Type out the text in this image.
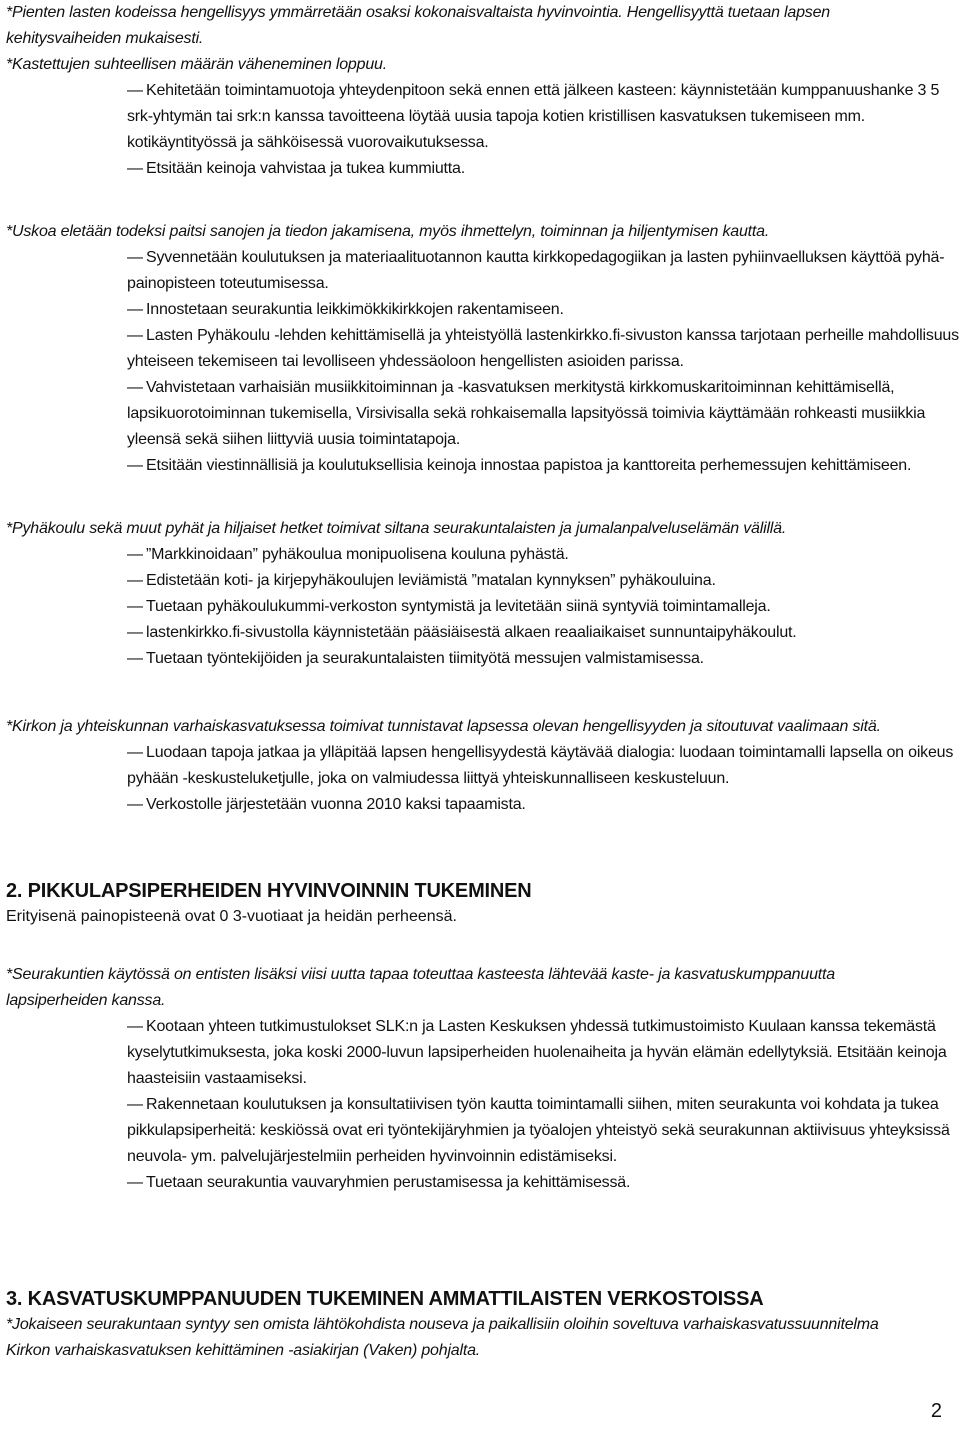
*Pienten lasten kodeissa hengellisyys ymmärretään osaksi kokonaisvaltaista hyvinvointia. Hengellisyyttä tuetaan lapsen kehitysvaiheiden mukaisesti.

*Kastettujen suhteellisen määrän väheneminen loppuu.

— Kehitetään toimintamuotoja yhteydenpitoon sekä ennen että jälkeen kasteen: käynnistetään kumppanuushanke 3 5 srk-yhtymän tai srk:n kanssa tavoitteena löytää uusia tapoja kotien kristillisen kasvatuksen tukemiseen mm. kotikäyntityössä ja sähköisessä vuorovaikutuksessa.

— Etsitään keinoja vahvistaa ja tukea kummiutta.

*Uskoa eletään todeksi paitsi sanojen ja tiedon jakamisena, myös ihmettelyn, toiminnan ja hiljentymisen kautta.

— Syvennetään koulutuksen ja materiaalituotannon kautta kirkkopedagogiikan ja lasten pyhiinvaelluksen käyttöä pyhä-painopisteen toteutumisessa.

— Innostetaan seurakuntia leikkimökkikirkkojen rakentamiseen.

— Lasten Pyhäkoulu -lehden kehittämisellä ja yhteistyöllä lastenkirkko.fi-sivuston kanssa tarjotaan perheille mahdollisuus yhteiseen tekemiseen tai levolliseen yhdessäoloon hengellisten asioiden parissa.

— Vahvistetaan varhaisiän musiikkitoiminnan ja -kasvatuksen merkitystä kirkkomuskaritoiminnan kehittämisellä, lapsikuorotoiminnan tukemisella, Virsivisalla sekä rohkaisemalla lapsityössä toimivia käyttämään rohkeasti musiikkia yleensä sekä siihen liittyviä uusia toimintatapoja.

— Etsitään viestinnällisiä ja koulutuksellisia keinoja innostaa papistoa ja kanttoreita perhemessujen kehittämiseen.

*Pyhäkoulu sekä muut pyhät ja hiljaiset hetket toimivat siltana seurakuntalaisten ja jumalanpalveluselämän välillä.

— ”Markkinoidaan” pyhäkoulua monipuolisena kouluna pyhästä.

— Edistetään koti- ja kirjepyhäkoulujen leviämistä ”matalan kynnyksen” pyhäkouluina.

— Tuetaan pyhäkoulukummi-verkoston syntymistä ja levitetään siinä syntyviä toimintamalleja.

— lastenkirkko.fi-sivustolla käynnistetään pääsiäisestä alkaen reaaliaikaiset sunnuntaipyhäkoulut.

— Tuetaan työntekijöiden ja seurakuntalaisten tiimityötä messujen valmistamisessa.

*Kirkon ja yhteiskunnan varhaiskasvatuksessa toimivat tunnistavat lapsessa olevan hengellisyyden ja sitoutuvat vaalimaan sitä.

— Luodaan tapoja jatkaa ja ylläpitää lapsen hengellisyydestä käytävää dialogia: luodaan toimintamalli lapsella on oikeus pyhään -keskusteluketjulle, joka on valmiudessa liittyä yhteiskunnalliseen keskusteluun.

— Verkostolle järjestetään vuonna 2010 kaksi tapaamista.

2. PIKKULAPSIPERHEIDEN HYVINVOINNIN TUKEMINEN

Erityisenä painopisteenä ovat 0 3-vuotiaat ja heidän perheensä.

*Seurakuntien käytössä on entisten lisäksi viisi uutta tapaa toteuttaa kasteesta lähtevää kaste- ja kasvatuskumppanuutta lapsiperheiden kanssa.

— Kootaan yhteen tutkimustulokset SLK:n ja Lasten Keskuksen yhdessä tutkimustoimisto Kuulaan kanssa tekemästä kyselytutkimuksesta, joka koski 2000-luvun lapsiperheiden huolenaiheita ja hyvän elämän edellytyksiä. Etsitään keinoja haasteisiin vastaamiseksi.

— Rakennetaan koulutuksen ja konsultatiivisen työn kautta toimintamalli siihen, miten seurakunta voi kohdata ja tukea pikkulapsiperheitä: keskiössä ovat eri työntekijäryhmien ja työalojen yhteistyö sekä seurakunnan aktiivisuus yhteyksissä neuvola- ym. palvelujärjestelmiin perheiden hyvinvoinnin edistämiseksi.

— Tuetaan seurakuntia vauvaryhmien perustamisessa ja kehittämisessä.

3. KASVATUSKUMPPANUUDEN TUKEMINEN AMMATTILAISTEN VERKOSTOISSA

*Jokaiseen seurakuntaan syntyy sen omista lähtökohdista nouseva ja paikallisiin oloihin soveltuva varhaiskasvatussuunnitelma Kirkon varhaiskasvatuksen kehittäminen -asiakirjan (Vaken) pohjalta.

2
